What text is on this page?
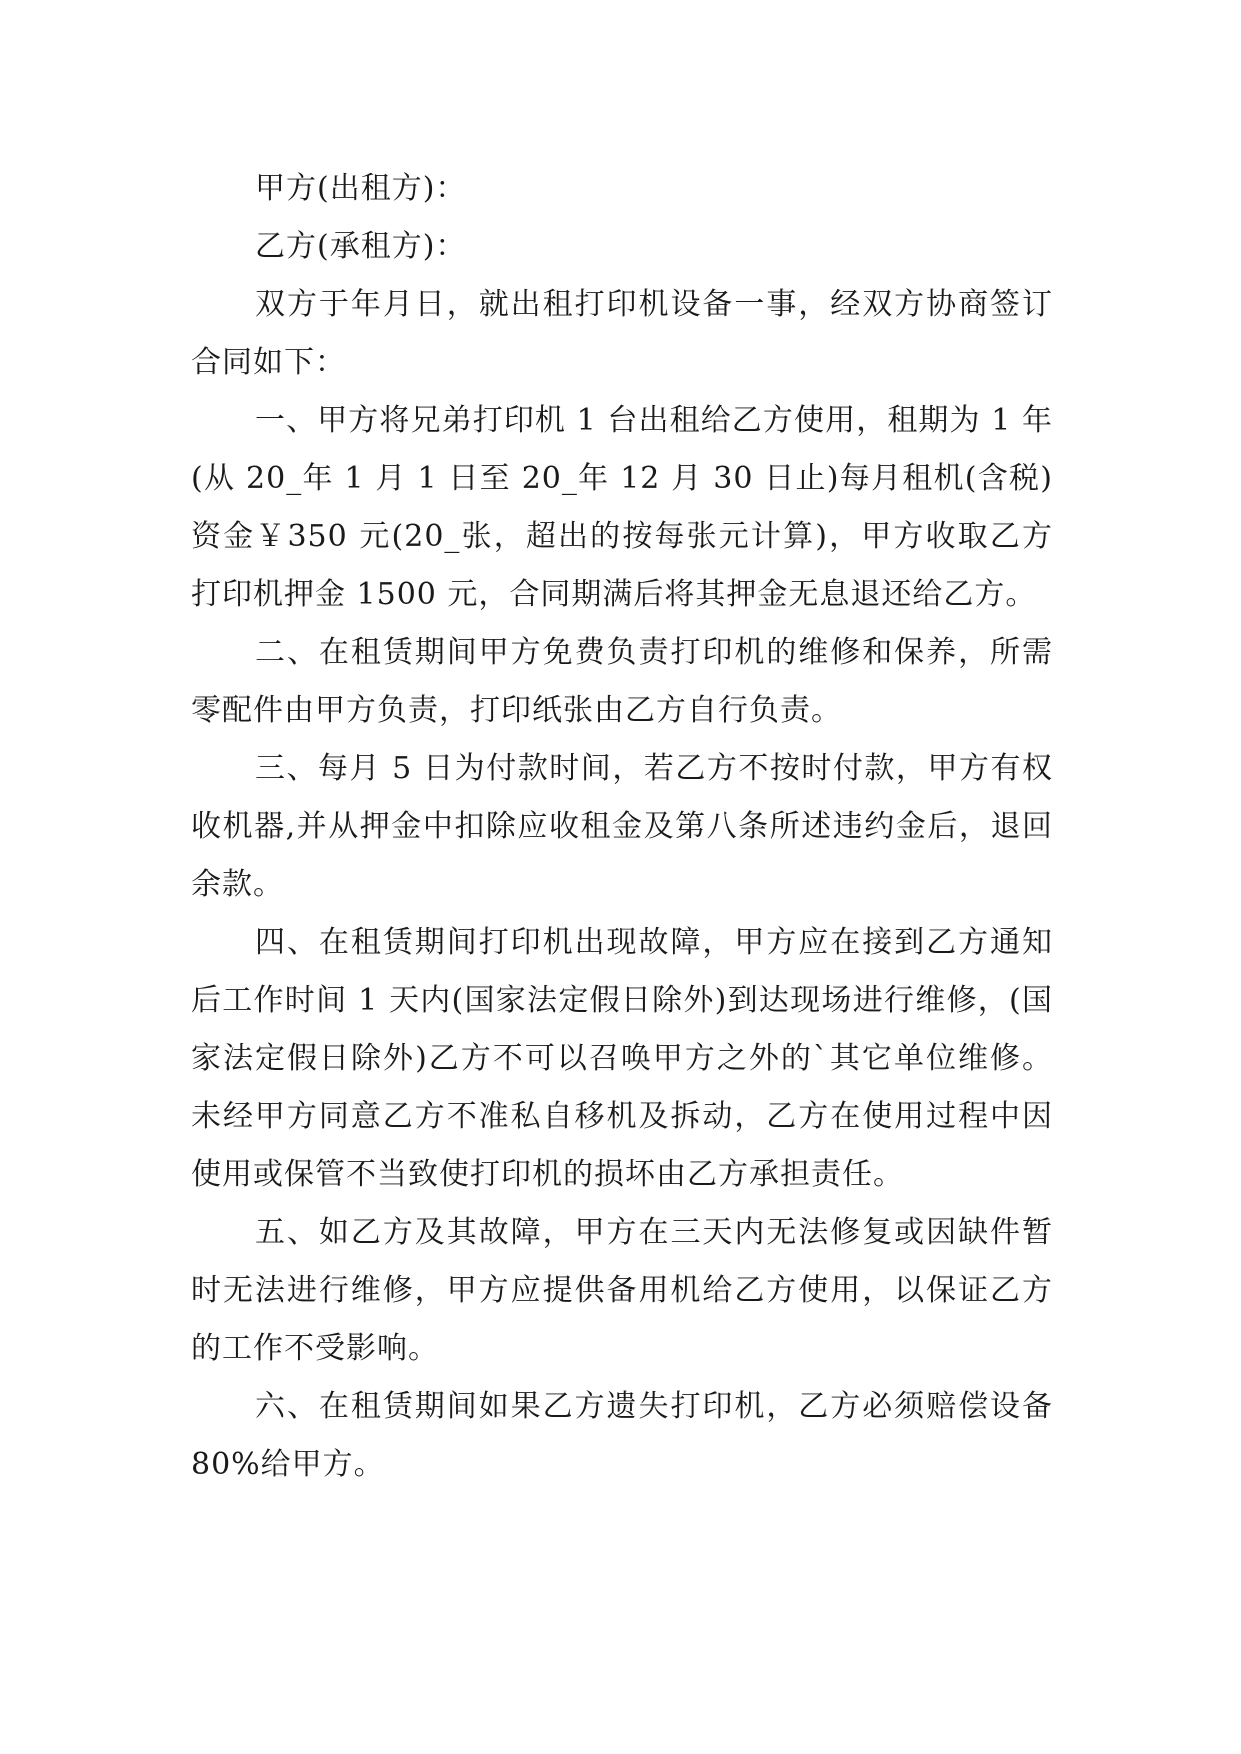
甲方(出租方)：

乙方(承租方)：

双方于年月日，就出租打印机设备一事，经双方协商签订合同如下：

一、甲方将兄弟打印机 1 台出租给乙方使用，租期为 1 年(从 20_年 1 月 1 日至 20_年 12 月 30 日止)每月租机(含税)资金￥350 元(20_张，超出的按每张元计算)，甲方收取乙方打印机押金 1500 元，合同期满后将其押金无息退还给乙方。

二、在租赁期间甲方免费负责打印机的维修和保养，所需零配件由甲方负责，打印纸张由乙方自行负责。

三、每月 5 日为付款时间，若乙方不按时付款，甲方有权收机器,并从押金中扣除应收租金及第八条所述违约金后，退回余款。

四、在租赁期间打印机出现故障，甲方应在接到乙方通知后工作时间 1 天内(国家法定假日除外)到达现场进行维修，(国家法定假日除外)乙方不可以召唤甲方之外的`其它单位维修。未经甲方同意乙方不准私自移机及拆动，乙方在使用过程中因使用或保管不当致使打印机的损坏由乙方承担责任。

五、如乙方及其故障，甲方在三天内无法修复或因缺件暂时无法进行维修，甲方应提供备用机给乙方使用，以保证乙方的工作不受影响。

六、在租赁期间如果乙方遗失打印机，乙方必须赔偿设备 80%给甲方。
